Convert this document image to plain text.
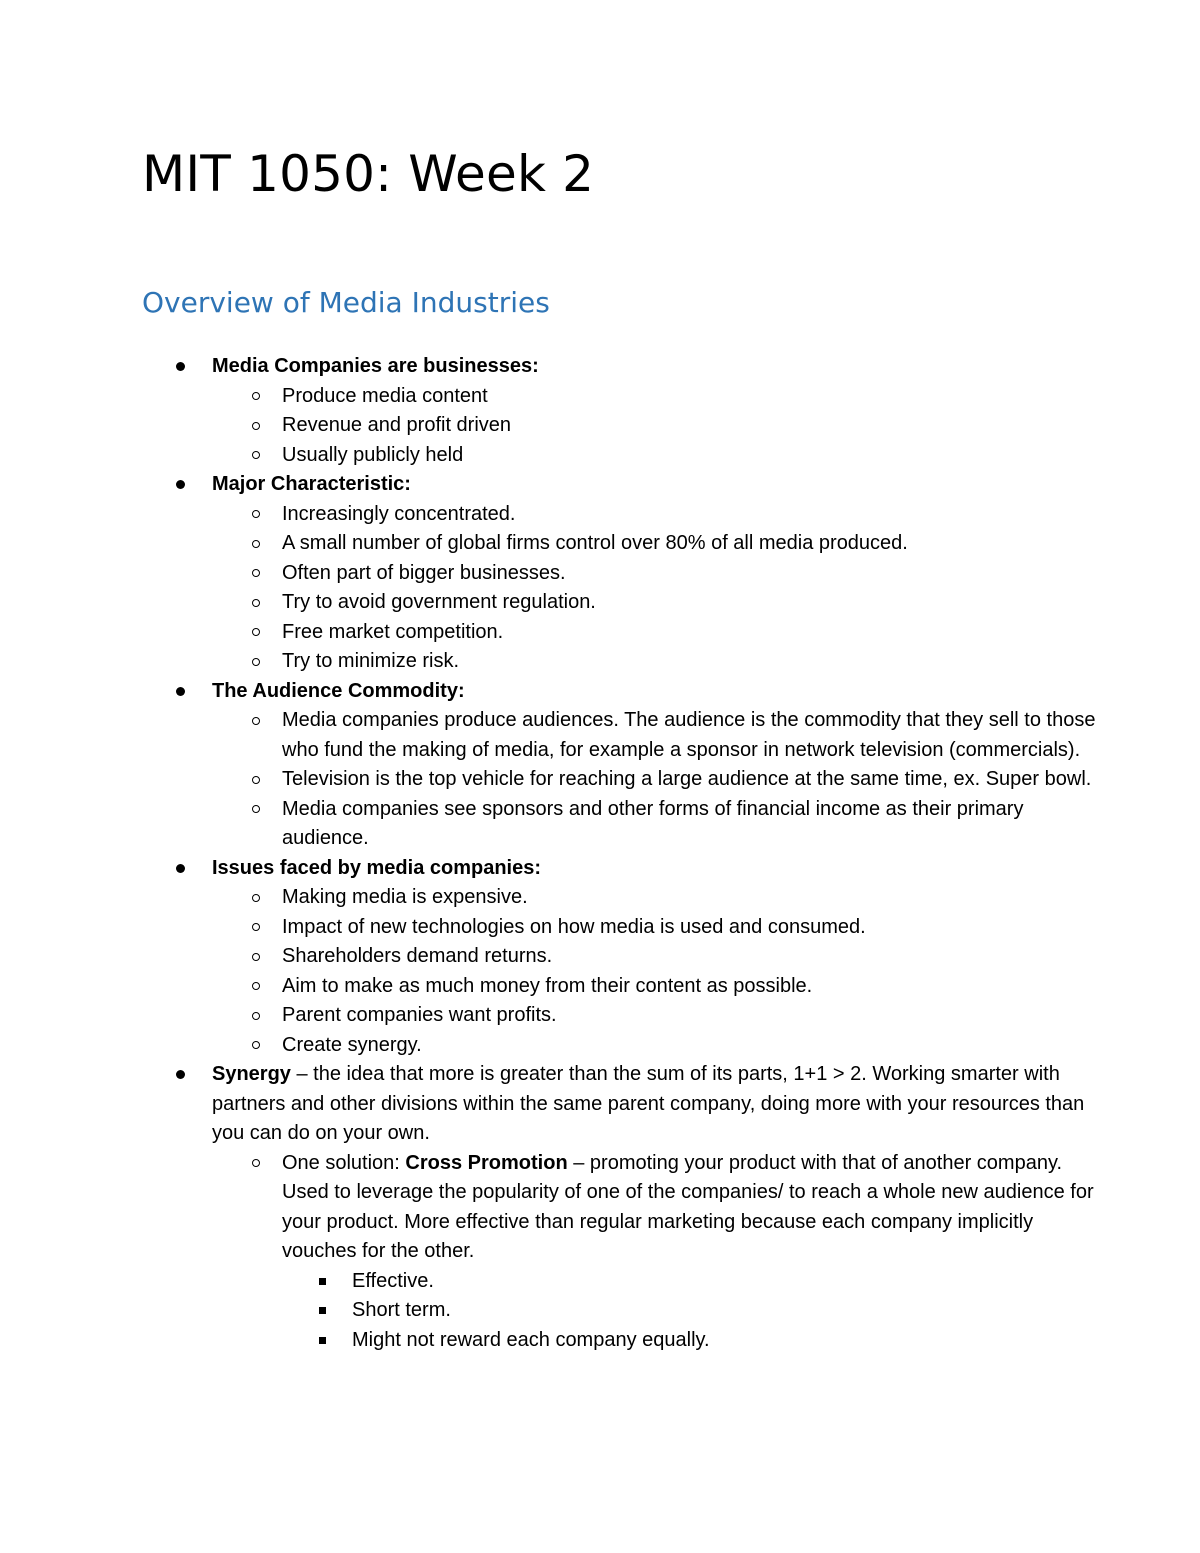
MIT 1050: Week 2
Overview of Media Industries
Media Companies are businesses:
Produce media content
Revenue and profit driven
Usually publicly held
Major Characteristic:
Increasingly concentrated.
A small number of global firms control over 80% of all media produced.
Often part of bigger businesses.
Try to avoid government regulation.
Free market competition.
Try to minimize risk.
The Audience Commodity:
Media companies produce audiences. The audience is the commodity that they sell to those who fund the making of media, for example a sponsor in network television (commercials).
Television is the top vehicle for reaching a large audience at the same time, ex. Super bowl.
Media companies see sponsors and other forms of financial income as their primary audience.
Issues faced by media companies:
Making media is expensive.
Impact of new technologies on how media is used and consumed.
Shareholders demand returns.
Aim to make as much money from their content as possible.
Parent companies want profits.
Create synergy.
Synergy – the idea that more is greater than the sum of its parts, 1+1 > 2. Working smarter with partners and other divisions within the same parent company, doing more with your resources than you can do on your own.
One solution: Cross Promotion – promoting your product with that of another company. Used to leverage the popularity of one of the companies/ to reach a whole new audience for your product. More effective than regular marketing because each company implicitly vouches for the other.
Effective.
Short term.
Might not reward each company equally.
